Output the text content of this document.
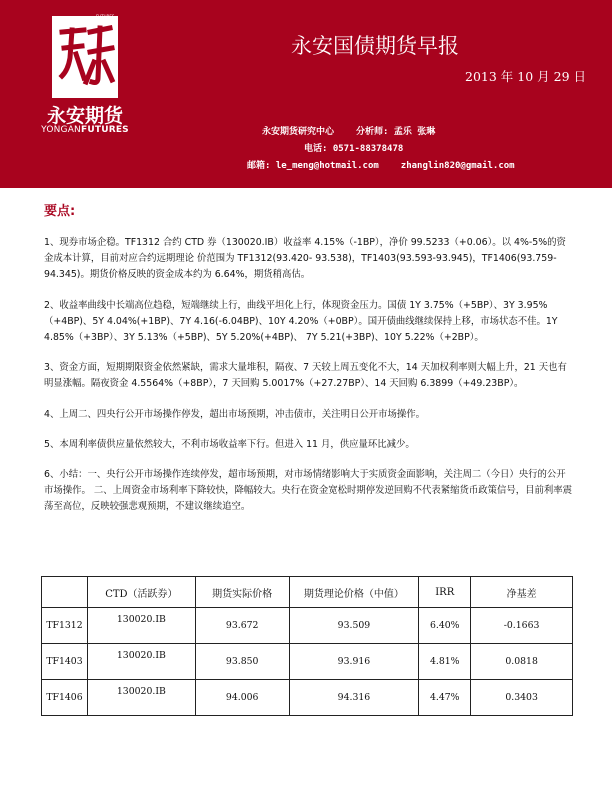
FUTURES
永安期货
YONGANFUTURES
永安国债期货早报
2013 年 10 月 29 日
永安期货研究中心 分析师: 孟乐 张琳
电话: 0571-88378478
邮箱: le_meng@hotmail.com zhanglin820@gmail.com
要点:

1、现券市场企稳。TF1312 合约 CTD 券（130020.IB）收益率 4.15%（-1BP），净价 99.5233（+0.06）。以 4%-5%的资金成本计算，目前对应合约远期理论 价范围为 TF1312(93.420- 93.538)，TF1403(93.593-93.945)，TF1406(93.759- 94.345)。期货价格反映的资金成本约为 6.64%，期货稍高估。

2、收益率曲线中长端高位趋稳，短端继续上行，曲线平坦化上行，体现资金压力。国债 1Y 3.75%（+5BP）、3Y 3.95%（+4BP)、5Y 4.04%(+1BP)、7Y 4.16(-6.04BP)、10Y 4.20%（+0BP）。国开债曲线继续保持上移，市场状态不佳。1Y 4.85%（+3BP）、3Y 5.13%（+5BP)、5Y 5.20%(+4BP)、 7Y 5.21(+3BP)、10Y 5.22%（+2BP）。

3、资金方面，短期期限资金依然紧缺，需求大量堆积，隔夜、7 天较上周五变化不大，14 天加权利率则大幅上升，21 天也有明显涨幅。隔夜资金 4.5564%（+8BP），7 天回购 5.0017%（+27.27BP）、14 天回购 6.3899（+49.23BP）。

4、上周二、四央行公开市场操作停发，超出市场预期，冲击债市，关注明日公开市场操作。

5、本周利率债供应量依然较大，不利市场收益率下行。但进入 11 月，供应量环比减少。

6、小结：一、央行公开市场操作连续停发，超市场预期，对市场情绪影响大于实质资金面影响，关注周二（今日）央行的公开市场操作。 二、上周资金市场利率下降较快，降幅较大。央行在资金宽松时期停发逆回购不代表紧缩货币政策信号，目前利率震荡至高位，反映较强悲观预期，不建议继续追空。

	CTD（活跃券）	期货实际价格	期货理论价格（中值）	IRR	净基差
TF1312	130020.IB	93.672	93.509	6.40%	-0.1663
TF1403	130020.IB	93.850	93.916	4.81%	0.0818
TF1406	130020.IB	94.006	94.316	4.47%	0.3403
